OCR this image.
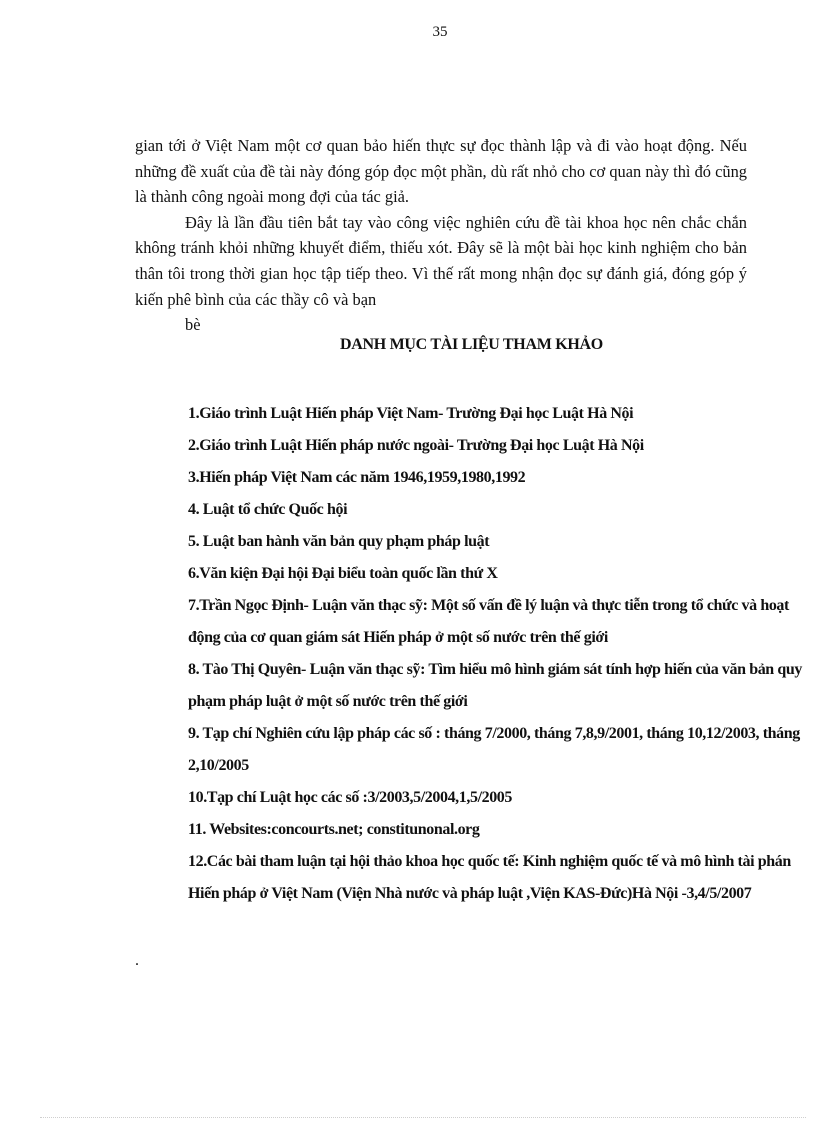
35

gian tới ở Việt Nam một cơ quan bảo hiến thực sự đọc thành lập và đi vào hoạt động. Nếu những đề xuất của đề tài này đóng góp đọc một phần, dù rất nhỏ cho cơ quan này thì đó cũng là thành công ngoài mong đợi của tác giả.

Đây là lần đầu tiên bắt tay vào công việc nghiên cứu đề tài khoa học nên chắc chắn không tránh khỏi những khuyết điểm, thiếu xót. Đây sẽ là một bài học kinh nghiệm cho bản thân tôi trong thời gian học tập tiếp theo. Vì thế rất mong nhận đọc sự đánh giá, đóng góp ý kiến phê bình của các thầy cô và bạn
bè

DANH MỤC TÀI LIỆU THAM KHẢO
1.Giáo trình Luật Hiến pháp Việt Nam- Trường Đại học Luật Hà Nội
2.Giáo trình Luật Hiến pháp nước ngoài- Trường Đại học Luật Hà Nội
3.Hiến pháp Việt Nam các năm 1946,1959,1980,1992
4. Luật tổ chức Quốc hội
5. Luật ban hành văn bản quy phạm pháp luật
6.Văn kiện Đại hội Đại biểu toàn quốc lần thứ X
7.Trần Ngọc Định- Luận văn thạc sỹ: Một số vấn đề lý luận và thực tiễn trong tổ chức và hoạt động của cơ quan giám sát Hiến pháp ở một số nước trên thế giới
8. Tào Thị Quyên- Luận văn thạc sỹ: Tìm hiểu mô hình giám sát tính hợp hiến của văn bản quy phạm pháp luật ở một số nước trên thế giới
9. Tạp chí Nghiên cứu lập pháp các số : tháng 7/2000, tháng 7,8,9/2001, tháng 10,12/2003, tháng 2,10/2005
10.Tạp chí Luật học các số :3/2003,5/2004,1,5/2005
11. Websites:concourts.net; constitunonal.org
12.Các bài tham luận tại hội thảo khoa học quốc tế: Kinh nghiệm quốc tế và mô hình tài phán Hiến pháp ở Việt Nam (Viện Nhà nước và pháp luật ,Viện KAS-Đức)Hà Nội -3,4/5/2007
.
